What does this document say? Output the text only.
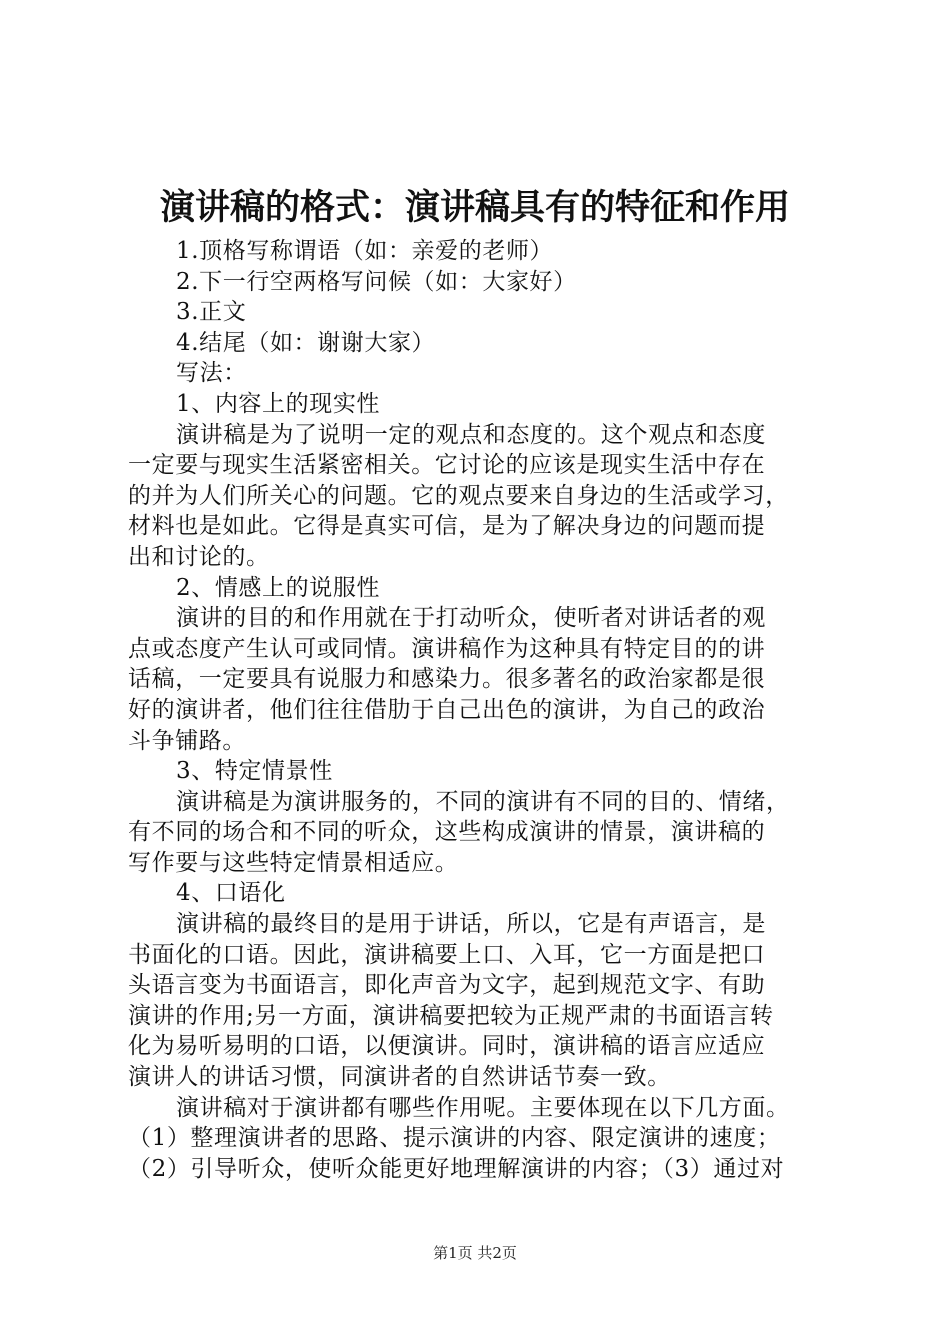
演讲稿的格式：演讲稿具有的特征和作用
1.顶格写称谓语（如：亲爱的老师）
2.下一行空两格写问候（如：大家好）
3.正文
4.结尾（如：谢谢大家）
写法：
1、内容上的现实性
演讲稿是为了说明一定的观点和态度的。这个观点和态度
一定要与现实生活紧密相关。它讨论的应该是现实生活中存在
的并为人们所关心的问题。它的观点要来自身边的生活或学习，
材料也是如此。它得是真实可信，是为了解决身边的问题而提
出和讨论的。
2、情感上的说服性
演讲的目的和作用就在于打动听众，使听者对讲话者的观
点或态度产生认可或同情。演讲稿作为这种具有特定目的的讲
话稿，一定要具有说服力和感染力。很多著名的政治家都是很
好的演讲者，他们往往借肋于自己出色的演讲，为自己的政治
斗争铺路。
3、特定情景性
演讲稿是为演讲服务的，不同的演讲有不同的目的、情绪，
有不同的场合和不同的听众，这些构成演讲的情景，演讲稿的
写作要与这些特定情景相适应。
4、口语化
演讲稿的最终目的是用于讲话，所以，它是有声语言，是
书面化的口语。因此，演讲稿要上口、入耳，它一方面是把口
头语言变为书面语言，即化声音为文字，起到规范文字、有助
演讲的作用;另一方面，演讲稿要把较为正规严肃的书面语言转
化为易听易明的口语，以便演讲。同时，演讲稿的语言应适应
演讲人的讲话习惯，同演讲者的自然讲话节奏一致。
演讲稿对于演讲都有哪些作用呢。主要体现在以下几方面。
（1）整理演讲者的思路、提示演讲的内容、限定演讲的速度；
（2）引导听众，使听众能更好地理解演讲的内容；（3）通过对
第1页 共2页
